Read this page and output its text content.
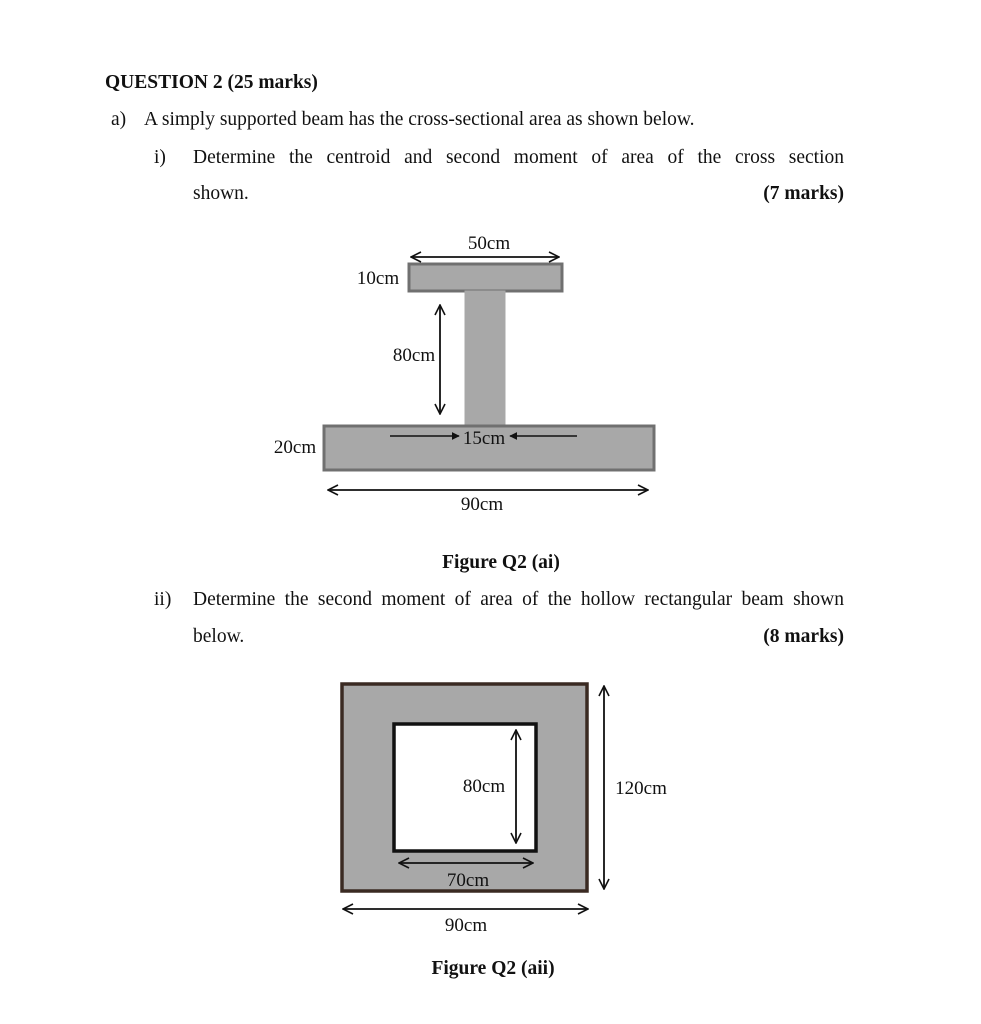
QUESTION 2 (25 marks)
a) A simply supported beam has the cross-sectional area as shown below.
i) Determine the centroid and second moment of area of the cross section
shown.	(7 marks)
Figure Q2 (ai)
ii) Determine the second moment of area of the hollow rectangular beam shown
below.	(8 marks)
Figure Q2 (aii)
50cm
10cm
80cm
15cm
20cm
90cm
80cm	120cm
70cm
90cm
